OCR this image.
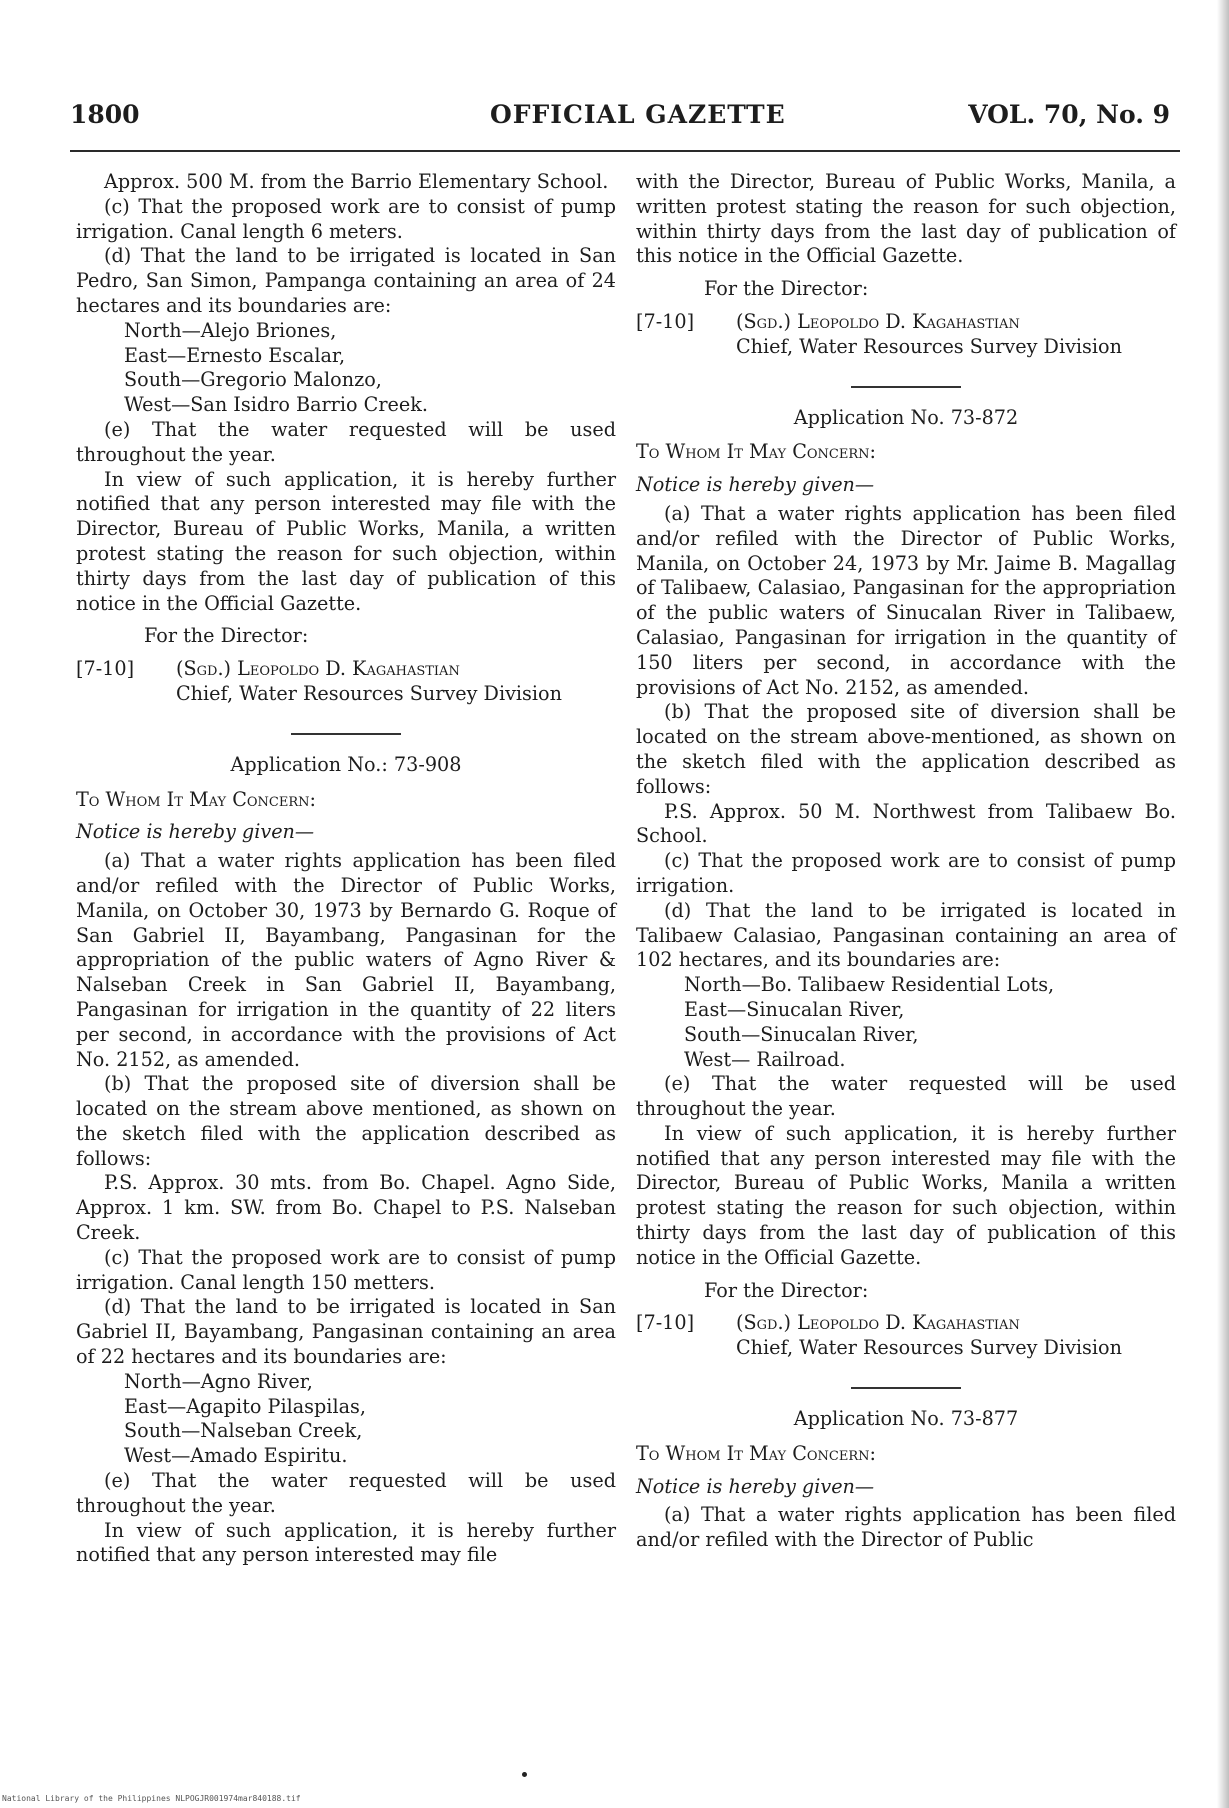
1800	OFFICIAL GAZETTE	VOL. 70, No. 9

Approx. 500 M. from the Barrio Elementary School.

(c) That the proposed work are to consist of pump irrigation. Canal length 6 meters.

(d) That the land to be irrigated is located in San Pedro, San Simon, Pampanga containing an area of 24 hectares and its boundaries are:

North—Alejo Briones,

East—Ernesto Escalar,

South—Gregorio Malonzo,

West—San Isidro Barrio Creek.

(e) That the water requested will be used throughout the year.

In view of such application, it is hereby further notified that any person interested may file with the Director, Bureau of Public Works, Manila, a written protest stating the reason for such objection, within thirty days from the last day of publication of this notice in the Official Gazette.

For the Director:

[7-10]	(Sgd.) Leopoldo D. Kagahastian

Chief, Water Resources Survey Division

Application No.: 73-908

To Whom It May Concern:

Notice is hereby given—

(a) That a water rights application has been filed and/or refiled with the Director of Public Works, Manila, on October 30, 1973 by Bernardo G. Roque of San Gabriel II, Bayambang, Pangasinan for the appropriation of the public waters of Agno River & Nalseban Creek in San Gabriel II, Bayambang, Pangasinan for irrigation in the quantity of 22 liters per second, in accordance with the provisions of Act No. 2152, as amended.

(b) That the proposed site of diversion shall be located on the stream above mentioned, as shown on the sketch filed with the application described as follows:

P.S. Approx. 30 mts. from Bo. Chapel. Agno Side, Approx. 1 km. SW. from Bo. Chapel to P.S. Nalseban Creek.

(c) That the proposed work are to consist of pump irrigation. Canal length 150 metters.

(d) That the land to be irrigated is located in San Gabriel II, Bayambang, Pangasinan containing an area of 22 hectares and its boundaries are:

North—Agno River,

East—Agapito Pilaspilas,

South—Nalseban Creek,

West—Amado Espiritu.

(e) That the water requested will be used throughout the year.

In view of such application, it is hereby further notified that any person interested may file

with the Director, Bureau of Public Works, Manila, a written protest stating the reason for such objection, within thirty days from the last day of publication of this notice in the Official Gazette.

For the Director:

[7-10]	(Sgd.) Leopoldo D. Kagahastian

Chief, Water Resources Survey Division

Application No. 73-872

To Whom It May Concern:

Notice is hereby given—

(a) That a water rights application has been filed and/or refiled with the Director of Public Works, Manila, on October 24, 1973 by Mr. Jaime B. Magallag of Talibaew, Calasiao, Pangasinan for the appropriation of the public waters of Sinucalan River in Talibaew, Calasiao, Pangasinan for irrigation in the quantity of 150 liters per second, in accordance with the provisions of Act No. 2152, as amended.

(b) That the proposed site of diversion shall be located on the stream above-mentioned, as shown on the sketch filed with the application described as follows:

P.S. Approx. 50 M. Northwest from Talibaew Bo. School.

(c) That the proposed work are to consist of pump irrigation.

(d) That the land to be irrigated is located in Talibaew Calasiao, Pangasinan containing an area of 102 hectares, and its boundaries are:

North—Bo. Talibaew Residential Lots,

East—Sinucalan River,

South—Sinucalan River,

West— Railroad.

(e) That the water requested will be used throughout the year.

In view of such application, it is hereby further notified that any person interested may file with the Director, Bureau of Public Works, Manila a written protest stating the reason for such objection, within thirty days from the last day of publication of this notice in the Official Gazette.

For the Director:

[7-10]	(Sgd.) Leopoldo D. Kagahastian

Chief, Water Resources Survey Division

Application No. 73-877

To Whom It May Concern:

Notice is hereby given—

(a) That a water rights application has been filed and/or refiled with the Director of Public

National Library of the Philippines NLPOGJR001974mar840188.tif
